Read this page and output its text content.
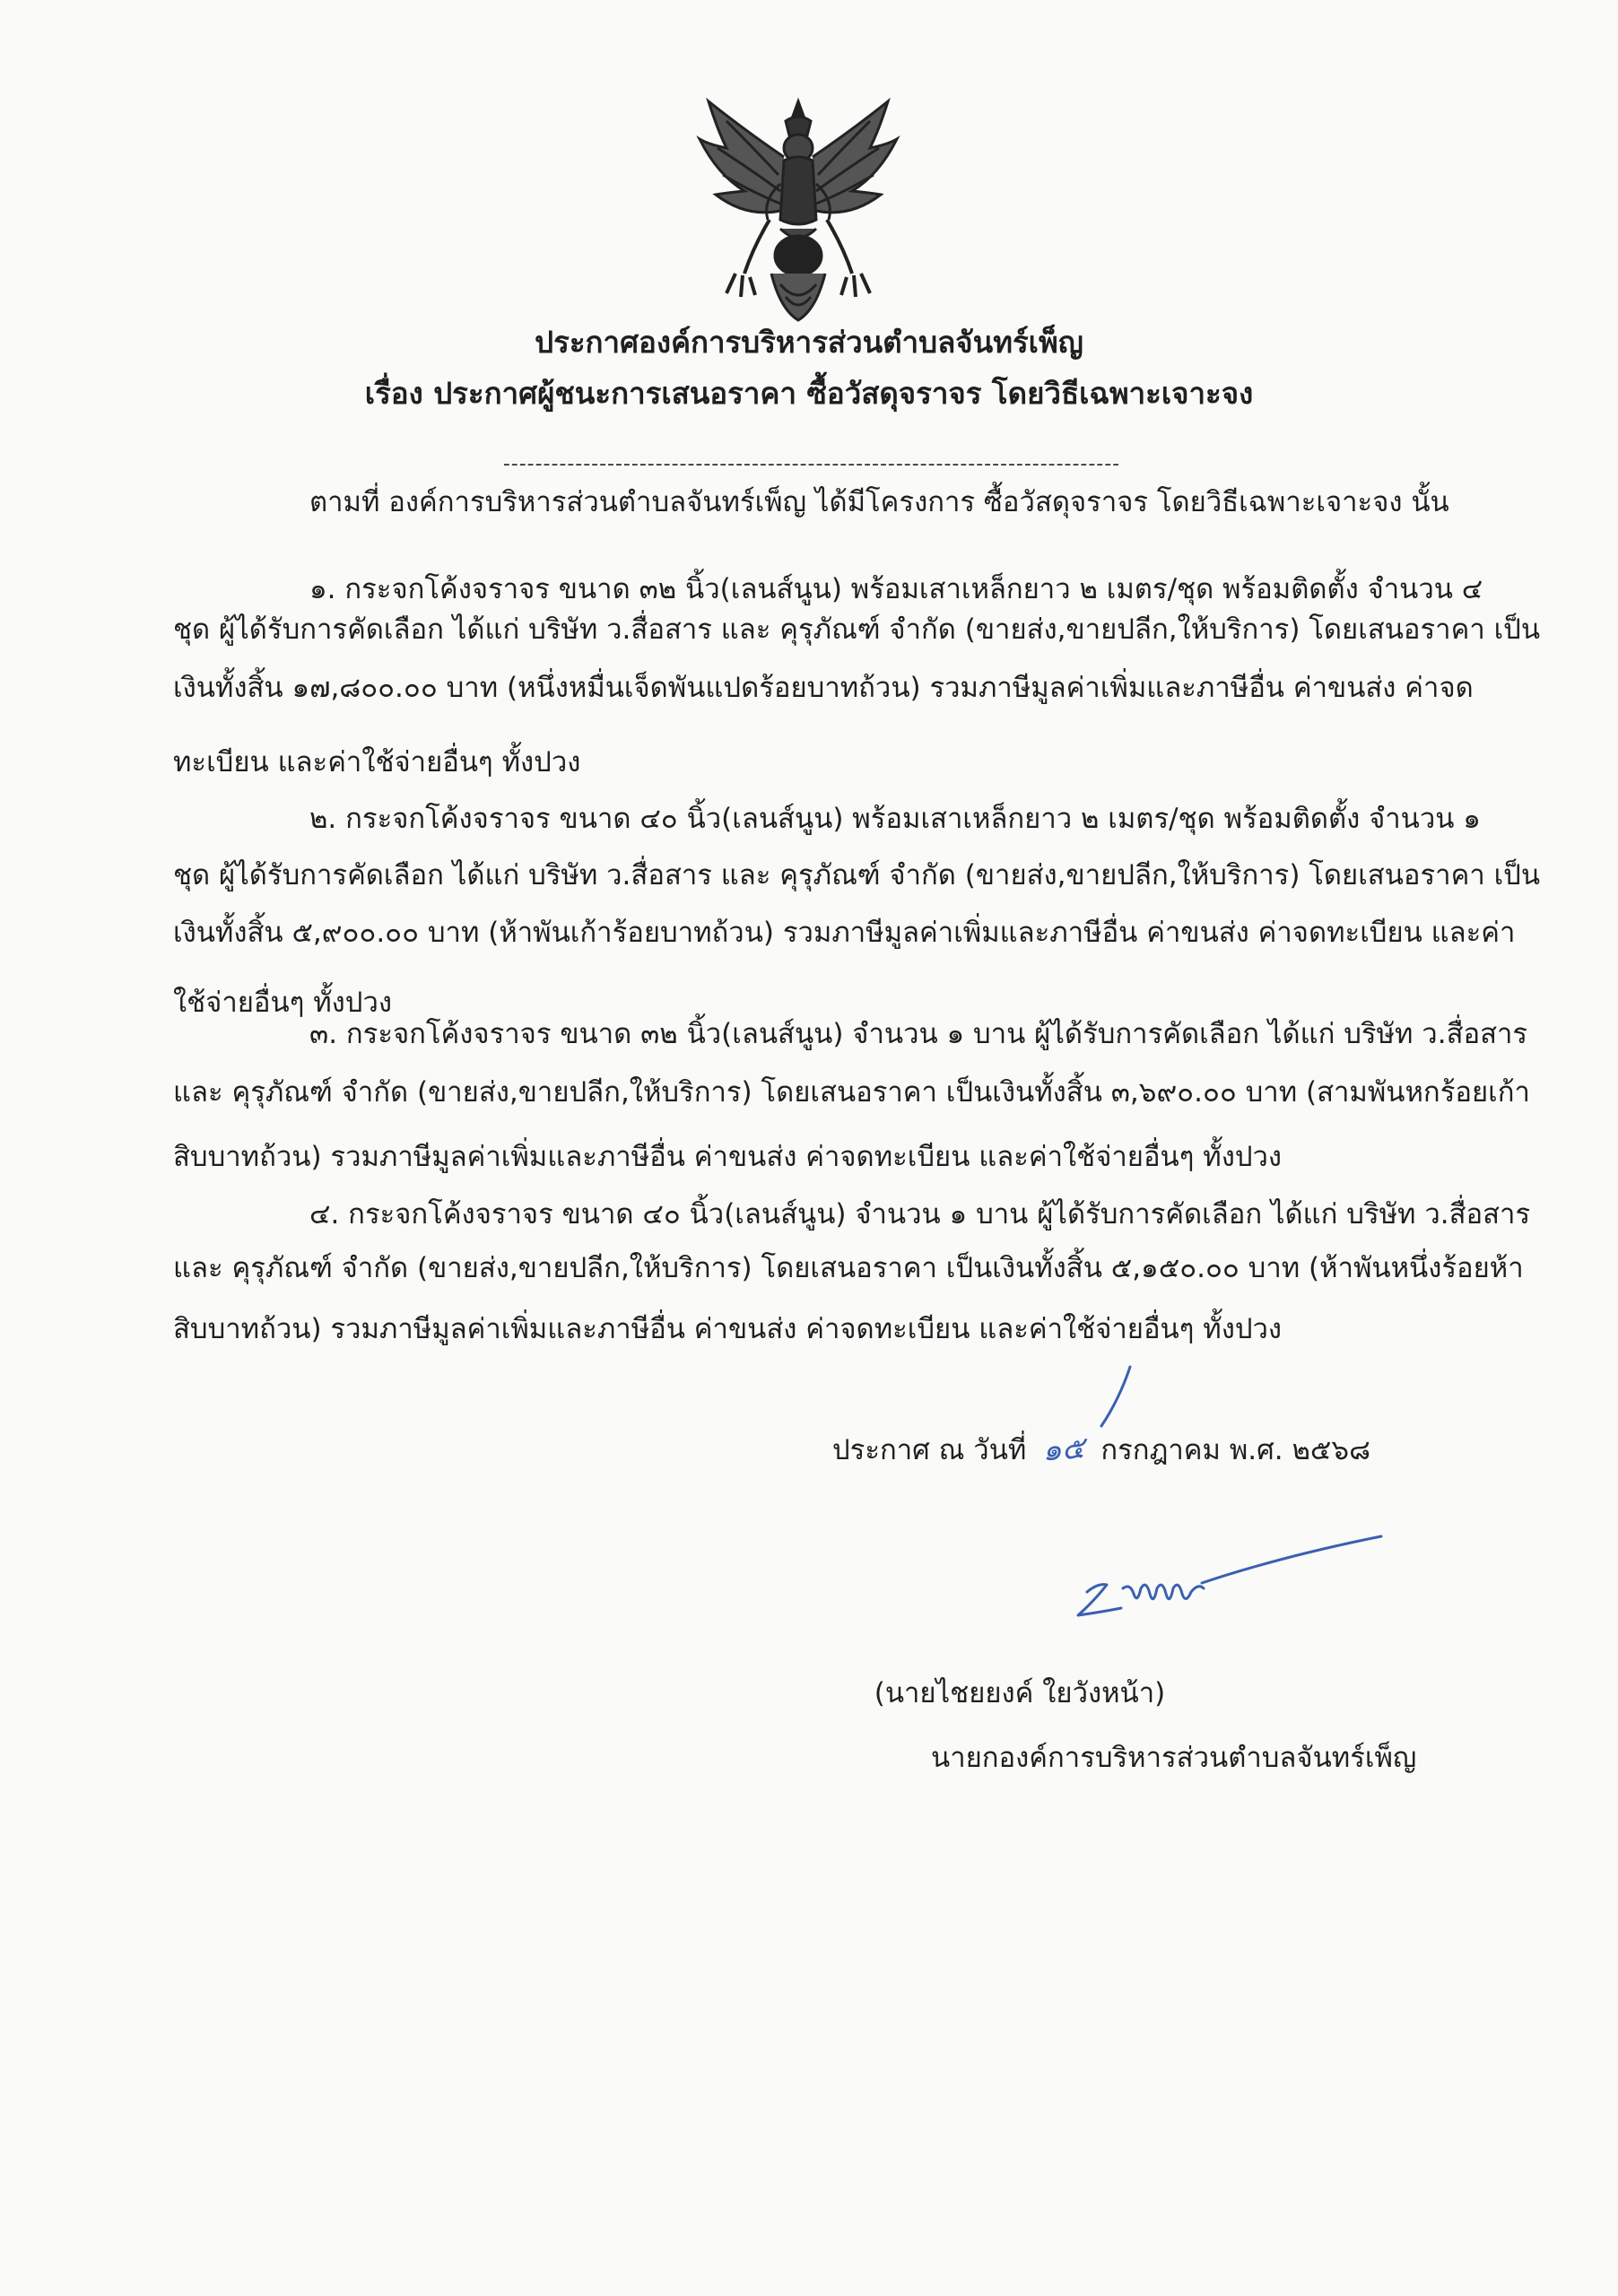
ประกาศองค์การบริหารส่วนตำบลจันทร์เพ็ญ
เรื่อง ประกาศผู้ชนะการเสนอราคา ซื้อวัสดุจราจร โดยวิธีเฉพาะเจาะจง
-----------------------------------------------------------------------------
ตามที่ องค์การบริหารส่วนตำบลจันทร์เพ็ญ ได้มีโครงการ ซื้อวัสดุจราจร โดยวิธีเฉพาะเจาะจง นั้น
๑. กระจกโค้งจราจร ขนาด ๓๒ นิ้ว(เลนส์นูน) พร้อมเสาเหล็กยาว ๒ เมตร/ชุด พร้อมติดตั้ง จำนวน ๔
ชุด ผู้ได้รับการคัดเลือก ได้แก่ บริษัท ว.สื่อสาร และ คุรุภัณฑ์ จำกัด (ขายส่ง,ขายปลีก,ให้บริการ) โดยเสนอราคา เป็น
เงินทั้งสิ้น ๑๗,๘๐๐.๐๐ บาท (หนึ่งหมื่นเจ็ดพันแปดร้อยบาทถ้วน) รวมภาษีมูลค่าเพิ่มและภาษีอื่น ค่าขนส่ง ค่าจด
ทะเบียน และค่าใช้จ่ายอื่นๆ ทั้งปวง
๒. กระจกโค้งจราจร ขนาด ๔๐ นิ้ว(เลนส์นูน) พร้อมเสาเหล็กยาว ๒ เมตร/ชุด พร้อมติดตั้ง จำนวน ๑
ชุด ผู้ได้รับการคัดเลือก ได้แก่ บริษัท ว.สื่อสาร และ คุรุภัณฑ์ จำกัด (ขายส่ง,ขายปลีก,ให้บริการ) โดยเสนอราคา เป็น
เงินทั้งสิ้น ๕,๙๐๐.๐๐ บาท (ห้าพันเก้าร้อยบาทถ้วน) รวมภาษีมูลค่าเพิ่มและภาษีอื่น ค่าขนส่ง ค่าจดทะเบียน และค่า
ใช้จ่ายอื่นๆ ทั้งปวง
๓. กระจกโค้งจราจร ขนาด ๓๒ นิ้ว(เลนส์นูน) จำนวน ๑ บาน ผู้ได้รับการคัดเลือก ได้แก่ บริษัท ว.สื่อสาร
และ คุรุภัณฑ์ จำกัด (ขายส่ง,ขายปลีก,ให้บริการ) โดยเสนอราคา เป็นเงินทั้งสิ้น ๓,๖๙๐.๐๐ บาท (สามพันหกร้อยเก้า
สิบบาทถ้วน) รวมภาษีมูลค่าเพิ่มและภาษีอื่น ค่าขนส่ง ค่าจดทะเบียน และค่าใช้จ่ายอื่นๆ ทั้งปวง
๔. กระจกโค้งจราจร ขนาด ๔๐ นิ้ว(เลนส์นูน) จำนวน ๑ บาน ผู้ได้รับการคัดเลือก ได้แก่ บริษัท ว.สื่อสาร
และ คุรุภัณฑ์ จำกัด (ขายส่ง,ขายปลีก,ให้บริการ) โดยเสนอราคา เป็นเงินทั้งสิ้น ๕,๑๕๐.๐๐ บาท (ห้าพันหนึ่งร้อยห้า
สิบบาทถ้วน) รวมภาษีมูลค่าเพิ่มและภาษีอื่น ค่าขนส่ง ค่าจดทะเบียน และค่าใช้จ่ายอื่นๆ ทั้งปวง
ประกาศ ณ วันที่ ๑๕ กรกฎาคม พ.ศ. ๒๕๖๘
(นายไชยยงค์ ใยวังหน้า)
นายกองค์การบริหารส่วนตำบลจันทร์เพ็ญ
